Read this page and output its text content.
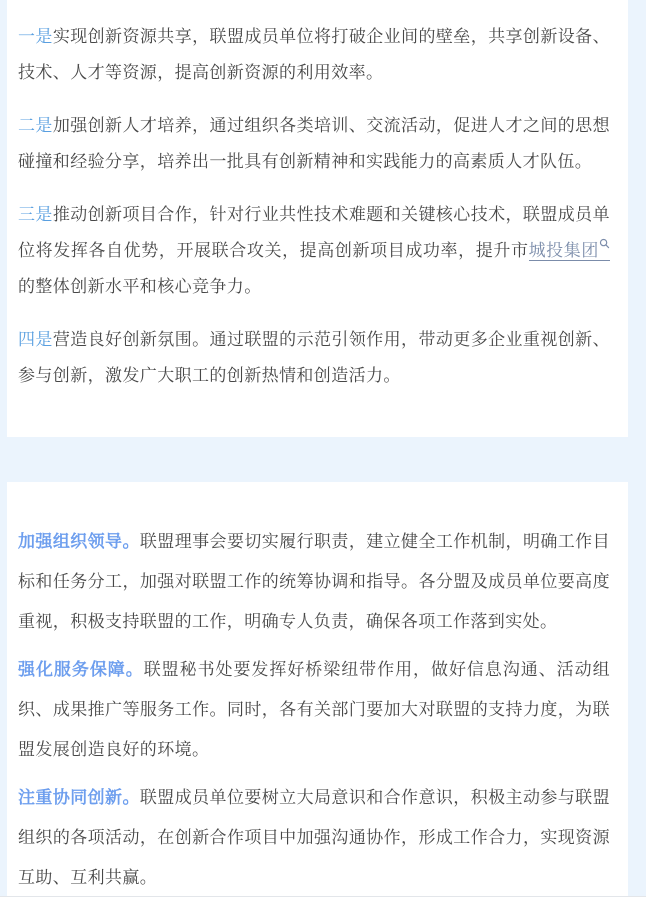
一是实现创新资源共享，联盟成员单位将打破企业间的壁垒，共享创新设备、技术、人才等资源，提高创新资源的利用效率。

二是加强创新人才培养，通过组织各类培训、交流活动，促进人才之间的思想碰撞和经验分享，培养出一批具有创新精神和实践能力的高素质人才队伍。

三是推动创新项目合作，针对行业共性技术难题和关键核心技术，联盟成员单位将发挥各自优势，开展联合攻关，提高创新项目成功率，提升市城投集团的整体创新水平和核心竞争力。

四是营造良好创新氛围。通过联盟的示范引领作用，带动更多企业重视创新、参与创新，激发广大职工的创新热情和创造活力。

加强组织领导。联盟理事会要切实履行职责，建立健全工作机制，明确工作目标和任务分工，加强对联盟工作的统筹协调和指导。各分盟及成员单位要高度重视，积极支持联盟的工作，明确专人负责，确保各项工作落到实处。

强化服务保障。联盟秘书处要发挥好桥梁纽带作用，做好信息沟通、活动组织、成果推广等服务工作。同时，各有关部门要加大对联盟的支持力度，为联盟发展创造良好的环境。

注重协同创新。联盟成员单位要树立大局意识和合作意识，积极主动参与联盟组织的各项活动，在创新合作项目中加强沟通协作，形成工作合力，实现资源互助、互利共赢。
